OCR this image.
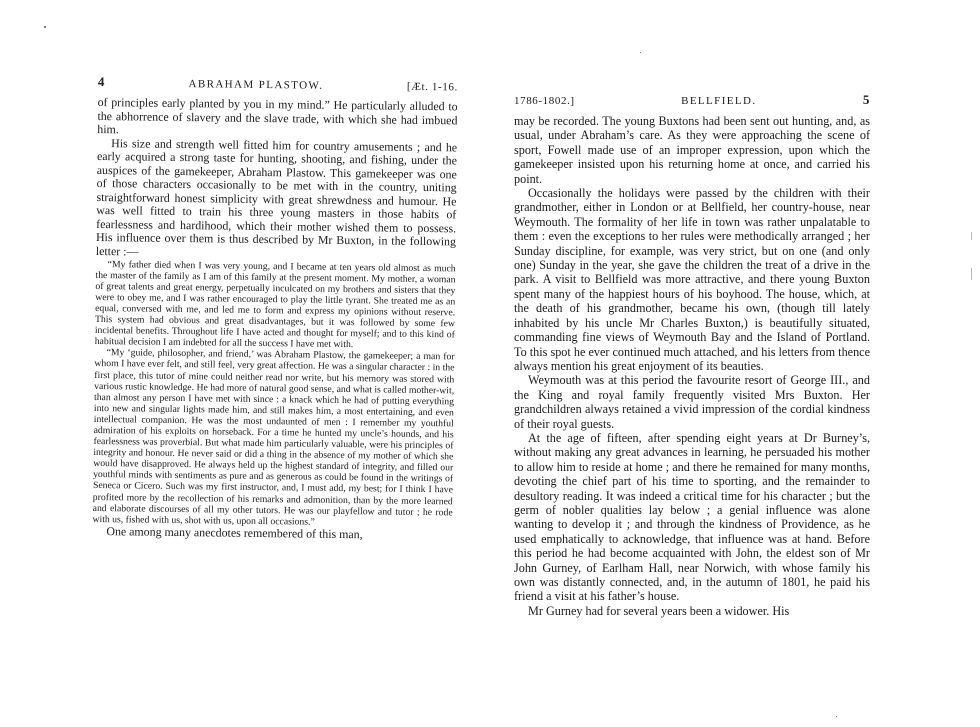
4	ABRAHAM PLASTOW.	[Æt. 1-16.

of principles early planted by you in my mind.” He particularly alluded to the abhorrence of slavery and the slave trade, with which she had imbued him.

His size and strength well fitted him for country amusements ; and he early acquired a strong taste for hunting, shooting, and fishing, under the auspices of the gamekeeper, Abraham Plastow. This gamekeeper was one of those characters occasionally to be met with in the country, uniting straightforward honest simplicity with great shrewdness and humour. He was well fitted to train his three young masters in those habits of fearlessness and hardihood, which their mother wished them to possess. His influence over them is thus described by Mr Buxton, in the following letter :—

“My father died when I was very young, and I became at ten years old almost as much the master of the family as I am of this family at the present moment. My mother, a woman of great talents and great energy, perpetually inculcated on my brothers and sisters that they were to obey me, and I was rather encouraged to play the little tyrant. She treated me as an equal, conversed with me, and led me to form and express my opinions without reserve. This system had obvious and great disadvantages, but it was followed by some few incidental benefits. Throughout life I have acted and thought for myself; and to this kind of habitual decision I am indebted for all the success I have met with.

“My ‘guide, philosopher, and friend,’ was Abraham Plastow, the gamekeeper; a man for whom I have ever felt, and still feel, very great affection. He was a singular character : in the first place, this tutor of mine could neither read nor write, but his memory was stored with various rustic knowledge. He had more of natural good sense, and what is called mother-wit, than almost any person I have met with since : a knack which he had of putting everything into new and singular lights made him, and still makes him, a most entertaining, and even intellectual companion. He was the most undaunted of men : I remember my youthful admiration of his exploits on horseback. For a time he hunted my uncle’s hounds, and his fearlessness was proverbial. But what made him particularly valuable, were his principles of integrity and honour. He never said or did a thing in the absence of my mother of which she would have disapproved. He always held up the highest standard of integrity, and filled our youthful minds with sentiments as pure and as generous as could be found in the writings of Seneca or Cicero. Such was my first instructor, and, I must add, my best; for I think I have profited more by the recollection of his remarks and admonition, than by the more learned and elaborate discourses of all my other tutors. He was our playfellow and tutor ; he rode with us, fished with us, shot with us, upon all occasions.”

One among many anecdotes remembered of this man,

1786-1802.]	BELLFIELD.	5

may be recorded. The young Buxtons had been sent out hunting, and, as usual, under Abraham’s care. As they were approaching the scene of sport, Fowell made use of an improper expression, upon which the gamekeeper insisted upon his returning home at once, and carried his point.

Occasionally the holidays were passed by the children with their grandmother, either in London or at Bellfield, her country-house, near Weymouth. The formality of her life in town was rather unpalatable to them : even the exceptions to her rules were methodically arranged ; her Sunday discipline, for example, was very strict, but on one (and only one) Sunday in the year, she gave the children the treat of a drive in the park. A visit to Bellfield was more attractive, and there young Buxton spent many of the happiest hours of his boyhood. The house, which, at the death of his grandmother, became his own, (though till lately inhabited by his uncle Mr Charles Buxton,) is beautifully situated, commanding fine views of Weymouth Bay and the Island of Portland. To this spot he ever continued much attached, and his letters from thence always mention his great enjoyment of its beauties.

Weymouth was at this period the favourite resort of George III., and the King and royal family frequently visited Mrs Buxton. Her grandchildren always retained a vivid impression of the cordial kindness of their royal guests.

At the age of fifteen, after spending eight years at Dr Burney’s, without making any great advances in learning, he persuaded his mother to allow him to reside at home ; and there he remained for many months, devoting the chief part of his time to sporting, and the remainder to desultory reading. It was indeed a critical time for his character ; but the germ of nobler qualities lay below ; a genial influence was alone wanting to develop it ; and through the kindness of Providence, as he used emphatically to acknowledge, that influence was at hand. Before this period he had become acquainted with John, the eldest son of Mr John Gurney, of Earlham Hall, near Norwich, with whose family his own was distantly connected, and, in the autumn of 1801, he paid his friend a visit at his father’s house.

Mr Gurney had for several years been a widower. His
